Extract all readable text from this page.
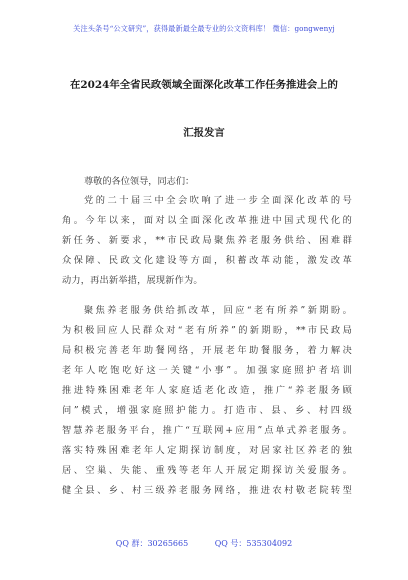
关注头条号“公文研究”，获得最新最全最专业的公文资料库！ 微信：gongwenyj
在2024年全省民政领域全面深化改革工作任务推进会上的
汇报发言
尊敬的各位领导，同志们：
党的二十届三中全会吹响了进一步全面深化改革的号
角。今年以来，面对以全面深化改革推进中国式现代化的
新任务、新要求，**市民政局聚焦养老服务供给、困难群
众保障、民政文化建设等方面，积蓄改革动能，激发改革
动力，再出新举措，展现新作为。
聚焦养老服务供给抓改革，回应“老有所养”新期盼。
为积极回应人民群众对“老有所养”的新期盼，**市民政局
局积极完善老年助餐网络，开展老年助餐服务，着力解决
老年人吃饱吃好这一关键“小事”。加强家庭照护者培训
推进特殊困难老年人家庭适老化改造，推广“养老服务顾
问”模式，增强家庭照护能力。打造市、县、乡、村四级
智慧养老服务平台，推广“互联网+应用”点单式养老服务。
落实特殊困难老年人定期探访制度，对居家社区养老的独
居、空巢、失能、重残等老年人开展定期探访关爱服务。
健全县、乡、村三级养老服务网络，推进农村敬老院转型
QQ 群：30265665	QQ 号：535304092
